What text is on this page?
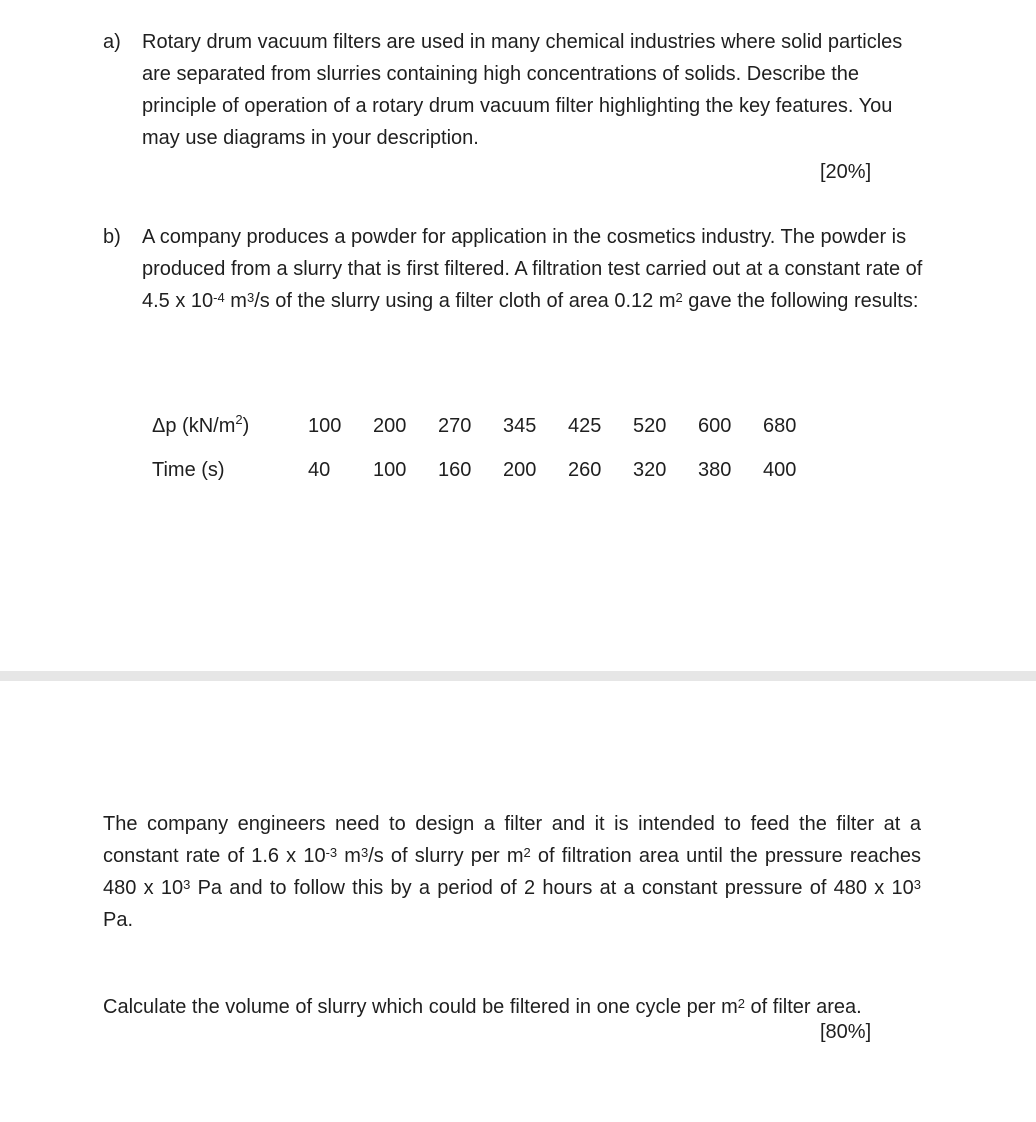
a) Rotary drum vacuum filters are used in many chemical industries where solid particles are separated from slurries containing high concentrations of solids. Describe the principle of operation of a rotary drum vacuum filter highlighting the key features. You may use diagrams in your description.
[20%]
b) A company produces a powder for application in the cosmetics industry. The powder is produced from a slurry that is first filtered. A filtration test carried out at a constant rate of 4.5 x $10^{-4}$ $m^3/s$ of the slurry using a filter cloth of area 0.12 $m^2$ gave the following results:
Δp $(kN/m^2)$	100	200	270	345	425	520	600	680
Time (s)	40	100	160	200	260	320	380	400
The company engineers need to design a filter and it is intended to feed the filter at a constant rate of 1.6 x $10^{-3}$ $m^3/s$ of slurry per $m^2$ of filtration area until the pressure reaches 480 x $10^3$ Pa and to follow this by a period of 2 hours at a constant pressure of 480 x $10^3$ Pa.
Calculate the volume of slurry which could be filtered in one cycle per $m^2$ of filter area.
[80%]
